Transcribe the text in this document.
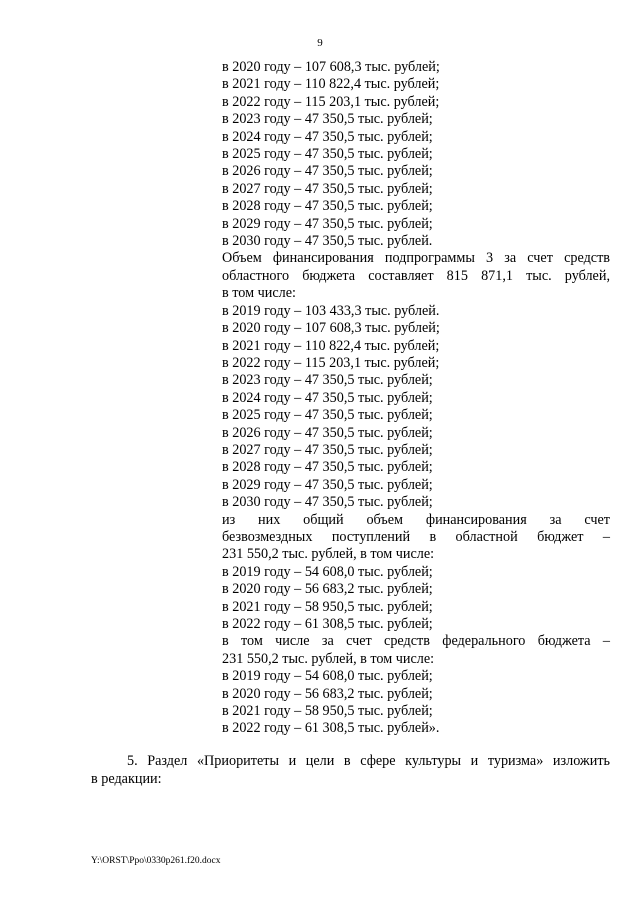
9
в 2020 году – 107 608,3 тыс. рублей;
в 2021 году – 110 822,4 тыс. рублей;
в 2022 году – 115 203,1 тыс. рублей;
в 2023 году – 47 350,5 тыс. рублей;
в 2024 году – 47 350,5 тыс. рублей;
в 2025 году – 47 350,5 тыс. рублей;
в 2026 году – 47 350,5 тыс. рублей;
в 2027 году – 47 350,5 тыс. рублей;
в 2028 году – 47 350,5 тыс. рублей;
в 2029 году – 47 350,5 тыс. рублей;
в 2030 году – 47 350,5 тыс. рублей.
Объем финансирования подпрограммы 3 за счет средств
областного бюджета составляет 815 871,1 тыс. рублей,
в том числе:
в 2019 году – 103 433,3 тыс. рублей.
в 2020 году – 107 608,3 тыс. рублей;
в 2021 году – 110 822,4 тыс. рублей;
в 2022 году – 115 203,1 тыс. рублей;
в 2023 году – 47 350,5 тыс. рублей;
в 2024 году – 47 350,5 тыс. рублей;
в 2025 году – 47 350,5 тыс. рублей;
в 2026 году – 47 350,5 тыс. рублей;
в 2027 году – 47 350,5 тыс. рублей;
в 2028 году – 47 350,5 тыс. рублей;
в 2029 году – 47 350,5 тыс. рублей;
в 2030 году – 47 350,5 тыс. рублей;
из них общий объем финансирования за счет
безвозмездных поступлений в областной бюджет –
231 550,2 тыс. рублей, в том числе:
в 2019 году – 54 608,0 тыс. рублей;
в 2020 году – 56 683,2 тыс. рублей;
в 2021 году – 58 950,5 тыс. рублей;
в 2022 году – 61 308,5 тыс. рублей;
в том числе за счет средств федерального бюджета –
231 550,2 тыс. рублей, в том числе:
в 2019 году – 54 608,0 тыс. рублей;
в 2020 году – 56 683,2 тыс. рублей;
в 2021 году – 58 950,5 тыс. рублей;
в 2022 году – 61 308,5 тыс. рублей».
5. Раздел «Приоритеты и цели в сфере культуры и туризма» изложить
в редакции:
Y:\ORST\Ppo\0330p261.f20.docx
